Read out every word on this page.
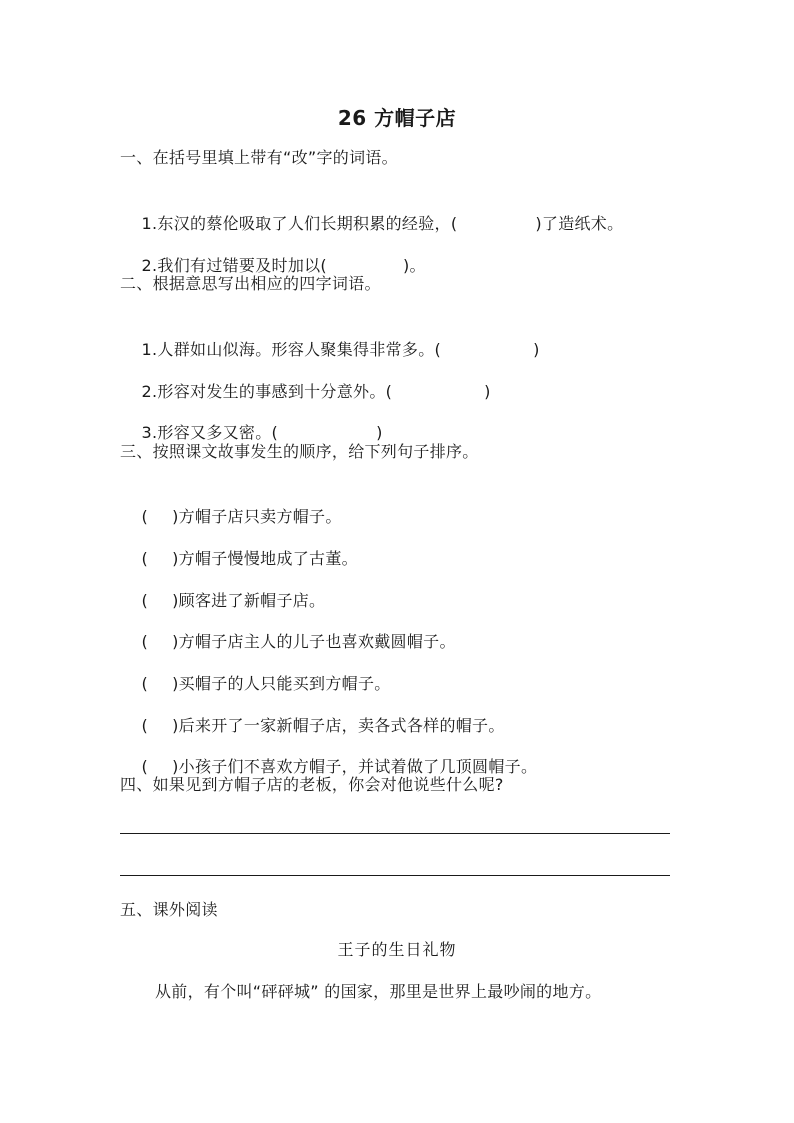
26 方帽子店
一、在括号里填上带有“改”字的词语。

1.东汉的蔡伦吸取了人们长期积累的经验，(	)了造纸术。

2.我们有过错要及时加以(	)。

二、根据意思写出相应的四字词语。

1.人群如山似海。形容人聚集得非常多。(	)

2.形容对发生的事感到十分意外。(	)

3.形容又多又密。(	)

三、按照课文故事发生的顺序，给下列句子排序。

( )方帽子店只卖方帽子。

( )方帽子慢慢地成了古董。

( )顾客进了新帽子店。

( )方帽子店主人的儿子也喜欢戴圆帽子。

( )买帽子的人只能买到方帽子。

( )后来开了一家新帽子店，卖各式各样的帽子。

( )小孩子们不喜欢方帽子，并试着做了几顶圆帽子。

四、如果见到方帽子店的老板，你会对他说些什么呢?
五、课外阅读
王子的生日礼物
从前，有个叫“砰砰城” 的国家，那里是世界上最吵闹的地方。
